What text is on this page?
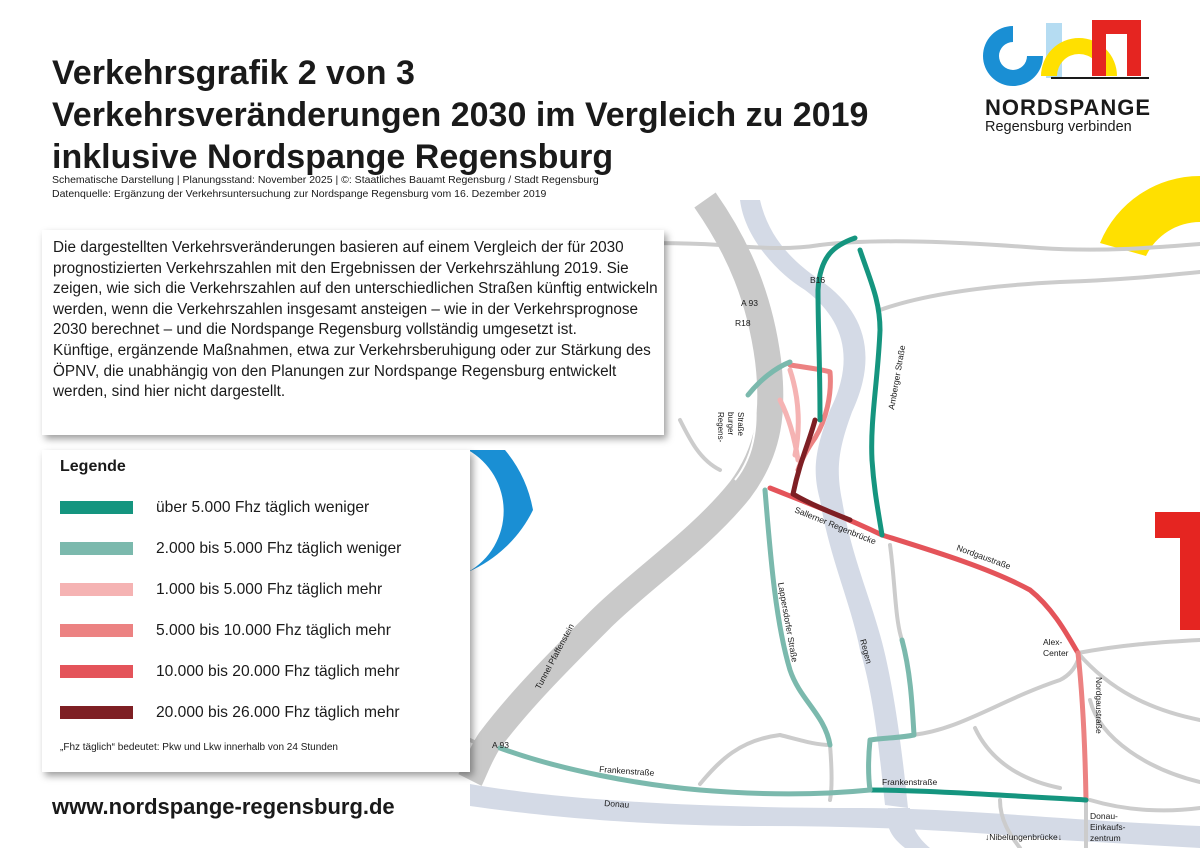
A 93
R18
B16
Regens- burger Straße
Amberger Straße
Sallerner Regenbrücke
Nordgaustraße
Alex-
Center
Nordgaustraße
Lappersdorfer Straße	Regen
Tunnel Pfaffenstein
A 93
Frankenstraße
Frankenstraße
Donau
Donau-
Einkaufs-
zentrum
↓Nibelungenbrücke↓
NORDSPANGE
Regensburg verbinden
Verkehrsgrafik 2 von 3
Verkehrsveränderungen 2030 im Vergleich zu 2019
inklusive Nordspange Regensburg
Schematische Darstellung | Planungsstand: November 2025 | ©: Staatliches Bauamt Regensburg / Stadt Regensburg
Datenquelle: Ergänzung der Verkehrsuntersuchung zur Nordspange Regensburg vom 16. Dezember 2019

Die dargestellten Verkehrsveränderungen basieren auf einem Vergleich der für 2030 prognostizierten Verkehrszahlen mit den Ergebnissen der Verkehrszählung 2019. Sie zeigen, wie sich die Verkehrszahlen auf den unterschiedlichen Straßen künftig entwickeln werden, wenn die Verkehrszahlen insgesamt ansteigen – wie in der Verkehrsprognose 2030 berechnet – und die Nordspange Regensburg vollständig umgesetzt ist.
Künftige, ergänzende Maßnahmen, etwa zur Verkehrsberuhigung oder zur Stärkung des ÖPNV, die unabhängig von den Planungen zur Nordspange Regensburg entwickelt werden, sind hier nicht dargestellt.

Legende
über 5.000 Fhz täglich weniger
2.000 bis 5.000 Fhz täglich weniger
1.000 bis 5.000 Fhz täglich mehr
5.000 bis 10.000 Fhz täglich mehr
10.000 bis 20.000 Fhz täglich mehr
20.000 bis 26.000 Fhz täglich mehr
„Fhz täglich“ bedeutet: Pkw und Lkw innerhalb von 24 Stunden
www.nordspange-regensburg.de
